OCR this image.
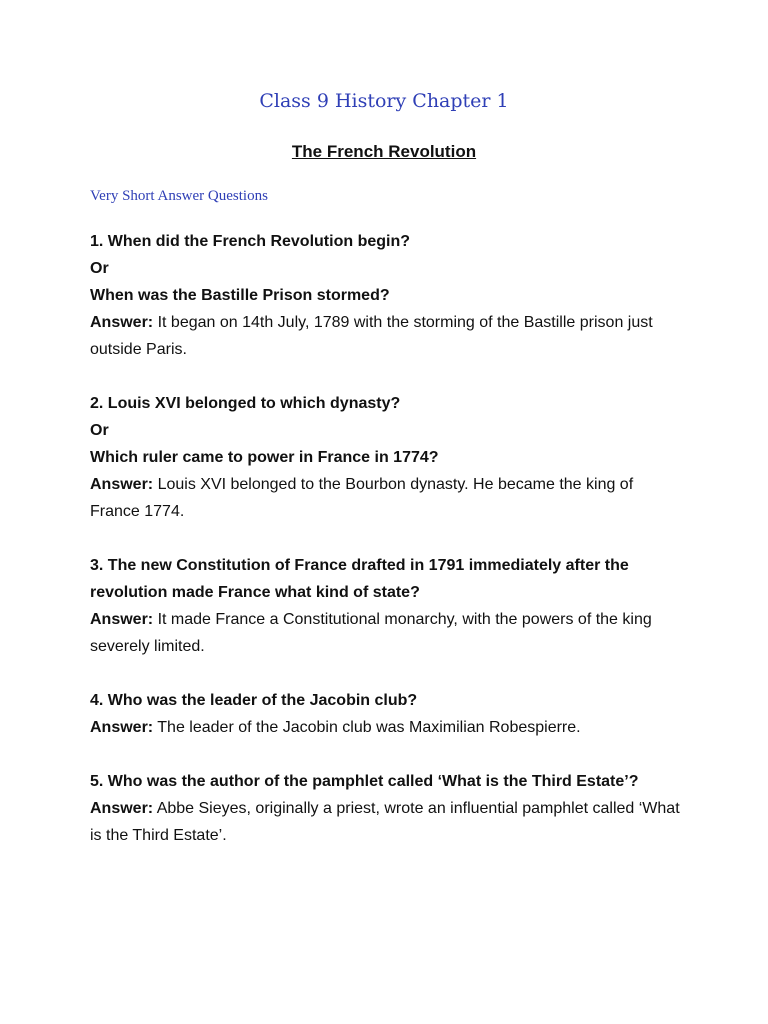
Class 9 History Chapter 1
The French Revolution
Very Short Answer Questions
1. When did the French Revolution begin?
Or
When was the Bastille Prison stormed?
Answer: It began on 14th July, 1789 with the storming of the Bastille prison just outside Paris.
2. Louis XVI belonged to which dynasty?
Or
Which ruler came to power in France in 1774?
Answer: Louis XVI belonged to the Bourbon dynasty. He became the king of France 1774.
3. The new Constitution of France drafted in 1791 immediately after the revolution made France what kind of state?
Answer: It made France a Constitutional monarchy, with the powers of the king severely limited.
4. Who was the leader of the Jacobin club?
Answer: The leader of the Jacobin club was Maximilian Robespierre.
5. Who was the author of the pamphlet called ‘What is the Third Estate’?
Answer: Abbe Sieyes, originally a priest, wrote an influential pamphlet called ‘What is the Third Estate’.
